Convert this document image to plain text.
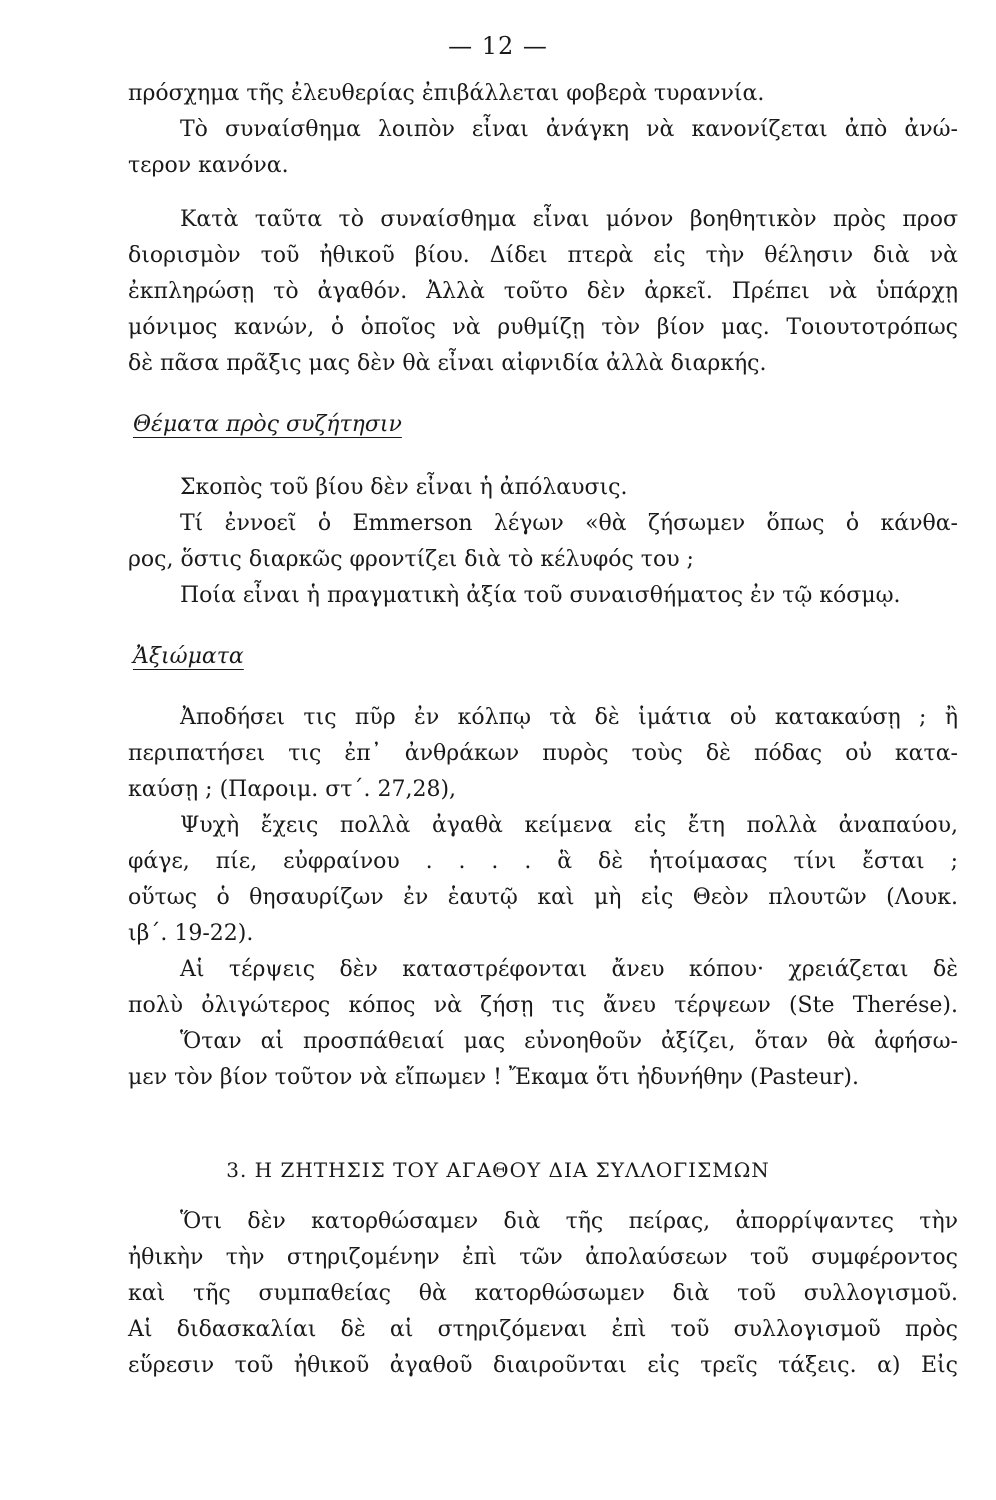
— 12 —
πρόσχημα τῆς ἐλευθερίας ἐπιβάλλεται φοβερὰ τυραννία.
Τὸ συναίσθημα λοιπὸν εἶναι ἀνάγκη νὰ κανονίζεται ἀπὸ ἀνώ-
τερον κανόνα.
Κατὰ ταῦτα τὸ συναίσθημα εἶναι μόνον βοηθητικὸν πρὸς προσ
διορισμὸν τοῦ ἠθικοῦ βίου. Δίδει πτερὰ εἰς τὴν θέλησιν διὰ νὰ
ἐκπληρώσῃ τὸ ἀγαθόν. Ἀλλὰ τοῦτο δὲν ἀρκεῖ. Πρέπει νὰ ὑπάρχῃ
μόνιμος κανών, ὁ ὁποῖος νὰ ρυθμίζῃ τὸν βίον μας. Τοιουτοτρόπως
δὲ πᾶσα πρᾶξις μας δὲν θὰ εἶναι αἰφνιδία ἀλλὰ διαρκής.
Θέματα πρὸς συζήτησιν
Σκοπὸς τοῦ βίου δὲν εἶναι ἡ ἀπόλαυσις.
Τί ἐννοεῖ ὁ Emmerson λέγων «θὰ ζήσωμεν ὅπως ὁ κάνθα-
ρος, ὅστις διαρκῶς φροντίζει διὰ τὸ κέλυφός του ;
Ποία εἶναι ἡ πραγματικὴ ἀξία τοῦ συναισθήματος ἐν τῷ κόσμῳ.
Ἀξιώματα
Ἀποδήσει τις πῦρ ἐν κόλπῳ τὰ δὲ ἱμάτια οὐ κατακαύσῃ ; ἢ
περιπατήσει τις ἐπ᾽ ἀνθράκων πυρὸς τοὺς δὲ πόδας οὐ κατα-
καύσῃ ; (Παροιμ. στ΄. 27,28),
Ψυχὴ ἔχεις πολλὰ ἀγαθὰ κείμενα εἰς ἔτη πολλὰ ἀναπαύου,
φάγε, πίε, εὐφραίνου . . . . ἃ δὲ ἡτοίμασας τίνι ἔσται ;
οὕτως ὁ θησαυρίζων ἐν ἑαυτῷ καὶ μὴ εἰς Θεὸν πλουτῶν (Λουκ.
ιβ΄. 19-22).
Αἱ τέρψεις δὲν καταστρέφονται ἄνευ κόπου· χρειάζεται δὲ
πολὺ ὀλιγώτερος κόπος νὰ ζήσῃ τις ἄνευ τέρψεων (Ste Therése).
Ὅταν αἱ προσπάθειαί μας εὐνοηθοῦν ἀξίζει, ὅταν θὰ ἀφήσω-
μεν τὸν βίον τοῦτον νὰ εἴπωμεν ! Ἔκαμα ὅτι ἠδυνήθην (Pasteur).
3. Η ΖΗΤΗΣΙΣ ΤΟΥ ΑΓΑΘΟΥ ΔΙΑ ΣΥΛΛΟΓΙΣΜΩΝ
Ὅτι δὲν κατορθώσαμεν διὰ τῆς πείρας, ἀπορρίψαντες τὴν
ἠθικὴν τὴν στηριζομένην ἐπὶ τῶν ἀπολαύσεων τοῦ συμφέροντος
καὶ τῆς συμπαθείας θὰ κατορθώσωμεν διὰ τοῦ συλλογισμοῦ.
Αἱ διδασκαλίαι δὲ αἱ στηριζόμεναι ἐπὶ τοῦ συλλογισμοῦ πρὸς
εὕρεσιν τοῦ ἠθικοῦ ἀγαθοῦ διαιροῦνται εἰς τρεῖς τάξεις. α) Εἰς
